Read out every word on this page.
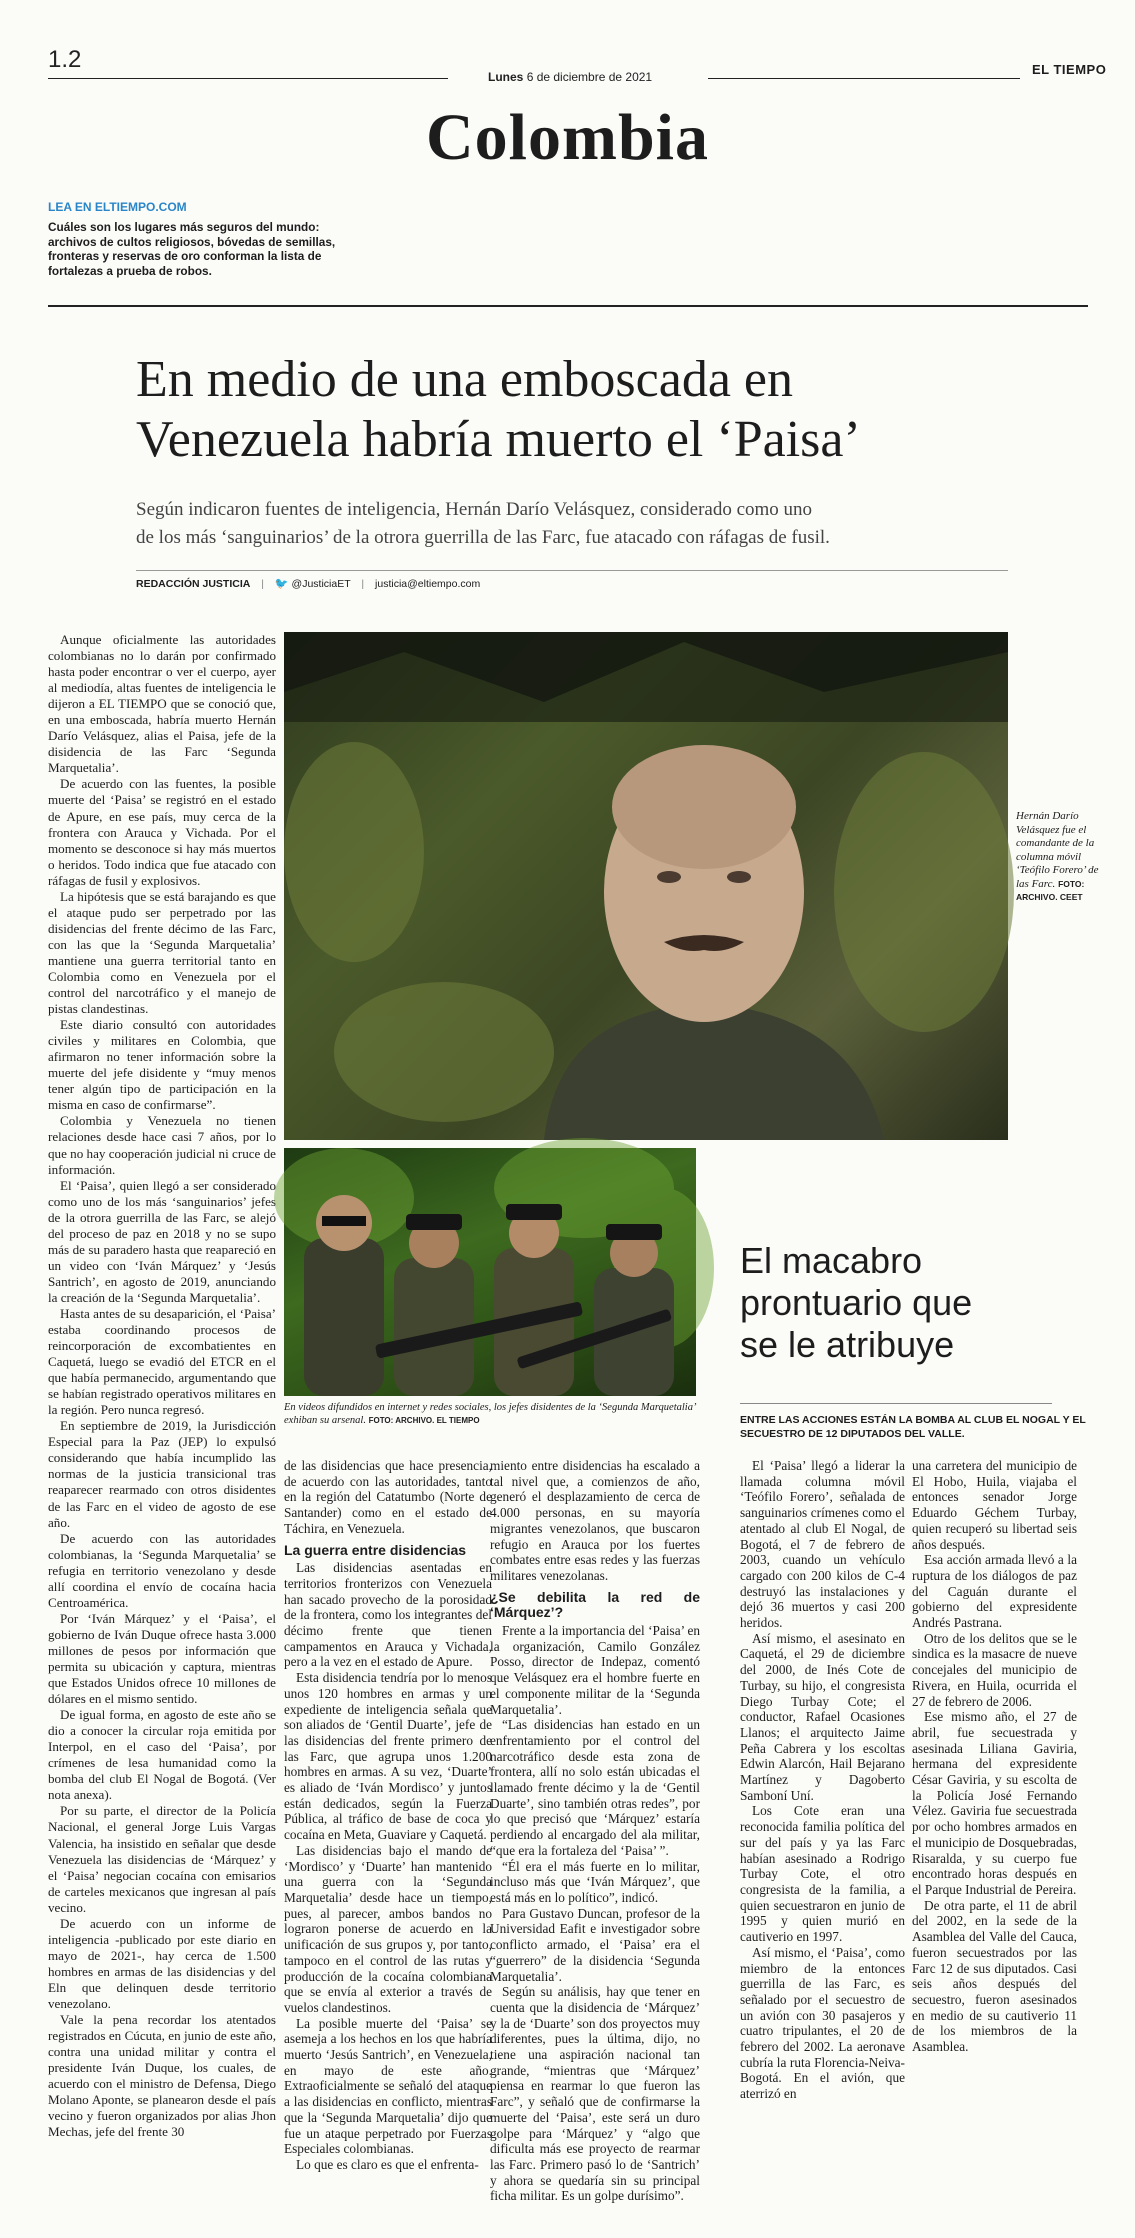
1.2
Lunes 6 de diciembre de 2021	EL TIEMPO
Colombia
LEA EN ELTIEMPO.COM
Cuáles son los lugares más seguros del mundo: archivos de cultos religiosos, bóvedas de semillas, fronteras y reservas de oro conforman la lista de fortalezas a prueba de robos.
En medio de una emboscada en
Venezuela habría muerto el ‘Paisa’
Según indicaron fuentes de inteligencia, Hernán Darío Velásquez, considerado como uno
de los más ‘sanguinarios’ de la otrora guerrilla de las Farc, fue atacado con ráfagas de fusil.
REDACCIÓN JUSTICIA | 🐦 @JusticiaET | justicia@eltiempo.com

Aunque oficialmente las autoridades colombianas no lo darán por confirmado hasta poder encontrar o ver el cuerpo, ayer al mediodía, altas fuentes de inteligencia le dijeron a EL TIEMPO que se conoció que, en una emboscada, habría muerto Hernán Darío Velásquez, alias el Paisa, jefe de la disidencia de las Farc ‘Segunda Marquetalia’.

De acuerdo con las fuentes, la posible muerte del ‘Paisa’ se registró en el estado de Apure, en ese país, muy cerca de la frontera con Arauca y Vichada. Por el momento se desconoce si hay más muertos o heridos. Todo indica que fue atacado con ráfagas de fusil y explosivos.

La hipótesis que se está barajando es que el ataque pudo ser perpetrado por las disidencias del frente décimo de las Farc, con las que la ‘Segunda Marquetalia’ mantiene una guerra territorial tanto en Colombia como en Venezuela por el control del narcotráfico y el manejo de pistas clandestinas.

Este diario consultó con autoridades civiles y militares en Colombia, que afirmaron no tener información sobre la muerte del jefe disidente y “muy menos tener algún tipo de participación en la misma en caso de confirmarse”.

Colombia y Venezuela no tienen relaciones desde hace casi 7 años, por lo que no hay cooperación judicial ni cruce de información.

El ‘Paisa’, quien llegó a ser considerado como uno de los más ‘sanguinarios’ jefes de la otrora guerrilla de las Farc, se alejó del proceso de paz en 2018 y no se supo más de su paradero hasta que reapareció en un video con ‘Iván Márquez’ y ‘Jesús Santrich’, en agosto de 2019, anunciando la creación de la ‘Segunda Marquetalia’.

Hasta antes de su desaparición, el ‘Paisa’ estaba coordinando procesos de reincorporación de excombatientes en Caquetá, luego se evadió del ETCR en el que había permanecido, argumentando que se habían registrado operativos militares en la región. Pero nunca regresó.

En septiembre de 2019, la Jurisdicción Especial para la Paz (JEP) lo expulsó considerando que había incumplido las normas de la justicia transicional tras reaparecer rearmado con otros disidentes de las Farc en el video de agosto de ese año.

De acuerdo con las autoridades colombianas, la ‘Segunda Marquetalia’ se refugia en territorio venezolano y desde allí coordina el envío de cocaína hacia Centroamérica.

Por ‘Iván Márquez’ y el ‘Paisa’, el gobierno de Iván Duque ofrece hasta 3.000 millones de pesos por información que permita su ubicación y captura, mientras que Estados Unidos ofrece 10 millones de dólares en el mismo sentido.

De igual forma, en agosto de este año se dio a conocer la circular roja emitida por Interpol, en el caso del ‘Paisa’, por crímenes de lesa humanidad como la bomba del club El Nogal de Bogotá. (Ver nota anexa).

Por su parte, el director de la Policía Nacional, el general Jorge Luis Vargas Valencia, ha insistido en señalar que desde Venezuela las disidencias de ‘Márquez’ y el ‘Paisa’ negocian cocaína con emisarios de carteles mexicanos que ingresan al país vecino.

De acuerdo con un informe de inteligencia -publicado por este diario en mayo de 2021-, hay cerca de 1.500 hombres en armas de las disidencias y del Eln que delinquen desde territorio venezolano.

Vale la pena recordar los atentados registrados en Cúcuta, en junio de este año, contra una unidad militar y contra el presidente Iván Duque, los cuales, de acuerdo con el ministro de Defensa, Diego Molano Aponte, se planearon desde el país vecino y fueron organizados por alias Jhon Mechas, jefe del frente 30

Hernán Darío Velásquez fue el comandante de la columna móvil ‘Teófilo Forero’ de las Farc. FOTO: ARCHIVO. CEET
En videos difundidos en internet y redes sociales, los jefes disidentes de la ‘Segunda Marquetalia’ exhiban su arsenal. FOTO: ARCHIVO. EL TIEMPO
El macabro
prontuario que
se le atribuye
ENTRE LAS ACCIONES ESTÁN LA BOMBA AL CLUB EL NOGAL Y EL SECUESTRO DE 12 DIPUTADOS DEL VALLE.

de las disidencias que hace presencia, de acuerdo con las autoridades, tanto en la región del Catatumbo (Norte de Santander) como en el estado de Táchira, en Venezuela.

La guerra entre disidencias

Las disidencias asentadas en territorios fronterizos con Venezuela han sacado provecho de la porosidad de la frontera, como los integrantes del décimo frente que tienen campamentos en Arauca y Vichada, pero a la vez en el estado de Apure.

Esta disidencia tendría por lo menos unos 120 hombres en armas y un expediente de inteligencia señala que son aliados de ‘Gentil Duarte’, jefe de las disidencias del frente primero de las Farc, que agrupa unos 1.200 hombres en armas. A su vez, ‘Duarte’ es aliado de ‘Iván Mordisco’ y juntos están dedicados, según la Fuerza Pública, al tráfico de base de coca y cocaína en Meta, Guaviare y Caquetá.

Las disidencias bajo el mando de ‘Mordisco’ y ‘Duarte’ han mantenido una guerra con la ‘Segunda Marquetalia’ desde hace un tiempo, pues, al parecer, ambos bandos no lograron ponerse de acuerdo en la unificación de sus grupos y, por tanto, tampoco en el control de las rutas y producción de la cocaína colombiana que se envía al exterior a través de vuelos clandestinos.

La posible muerte del ‘Paisa’ se asemeja a los hechos en los que habría muerto ‘Jesús Santrich’, en Venezuela, en mayo de este año. Extraoficialmente se señaló del ataque a las disidencias en conflicto, mientras que la ‘Segunda Marquetalia’ dijo que fue un ataque perpetrado por Fuerzas Especiales colombianas.

Lo que es claro es que el enfrenta-

miento entre disidencias ha escalado a tal nivel que, a comienzos de año, generó el desplazamiento de cerca de 4.000 personas, en su mayoría migrantes venezolanos, que buscaron refugio en Arauca por los fuertes combates entre esas redes y las fuerzas militares venezolanas.

¿Se debilita la red de ‘Márquez’?

Frente a la importancia del ‘Paisa’ en la organización, Camilo González Posso, director de Indepaz, comentó que Velásquez era el hombre fuerte en el componente militar de la ‘Segunda Marquetalia’.

“Las disidencias han estado en un enfrentamiento por el control del narcotráfico desde esta zona de frontera, allí no solo están ubicadas el llamado frente décimo y la de ‘Gentil Duarte’, sino también otras redes”, por lo que precisó que ‘Márquez’ estaría perdiendo al encargado del ala militar, “que era la fortaleza del ‘Paisa’ ”.

“Él era el más fuerte en lo militar, incluso más que ‘Iván Márquez’, que está más en lo político”, indicó.

Para Gustavo Duncan, profesor de la Universidad Eafit e investigador sobre conflicto armado, el ‘Paisa’ era el “guerrero” de la disidencia ‘Segunda Marquetalia’.

Según su análisis, hay que tener en cuenta que la disidencia de ‘Márquez’ y la de ‘Duarte’ son dos proyectos muy diferentes, pues la última, dijo, no tiene una aspiración nacional tan grande, “mientras que ‘Márquez’ piensa en rearmar lo que fueron las Farc”, y señaló que de confirmarse la muerte del ‘Paisa’, este será un duro golpe para ‘Márquez’ y “algo que dificulta más ese proyecto de rearmar las Farc. Primero pasó lo de ‘Santrich’ y ahora se quedaría sin su principal ficha militar. Es un golpe durísimo”.

El ‘Paisa’ llegó a liderar la llamada columna móvil ‘Teófilo Forero’, señalada de sanguinarios crímenes como el atentado al club El Nogal, de Bogotá, el 7 de febrero de 2003, cuando un vehículo cargado con 200 kilos de C-4 destruyó las instalaciones y dejó 36 muertos y casi 200 heridos.

Así mismo, el asesinato en Caquetá, el 29 de diciembre del 2000, de Inés Cote de Turbay, su hijo, el congresista Diego Turbay Cote; el conductor, Rafael Ocasiones Llanos; el arquitecto Jaime Peña Cabrera y los escoltas Edwin Alarcón, Hail Bejarano Martínez y Dagoberto Samboní Uní.

Los Cote eran una reconocida familia política del sur del país y ya las Farc habían asesinado a Rodrigo Turbay Cote, el otro congresista de la familia, a quien secuestraron en junio de 1995 y quien murió en cautiverio en 1997.

Así mismo, el ‘Paisa’, como miembro de la entonces guerrilla de las Farc, es señalado por el secuestro de un avión con 30 pasajeros y cuatro tripulantes, el 20 de febrero del 2002. La aeronave cubría la ruta Florencia-Neiva-Bogotá. En el avión, que aterrizó en

una carretera del municipio de El Hobo, Huila, viajaba el entonces senador Jorge Eduardo Géchem Turbay, quien recuperó su libertad seis años después.

Esa acción armada llevó a la ruptura de los diálogos de paz del Caguán durante el gobierno del expresidente Andrés Pastrana.

Otro de los delitos que se le sindica es la masacre de nueve concejales del municipio de Rivera, en Huila, ocurrida el 27 de febrero de 2006.

Ese mismo año, el 27 de abril, fue secuestrada y asesinada Liliana Gaviria, hermana del expresidente César Gaviria, y su escolta de la Policía José Fernando Vélez. Gaviria fue secuestrada por ocho hombres armados en el municipio de Dosquebradas, Risaralda, y su cuerpo fue encontrado horas después en el Parque Industrial de Pereira.

De otra parte, el 11 de abril del 2002, en la sede de la Asamblea del Valle del Cauca, fueron secuestrados por las Farc 12 de sus diputados. Casi seis años después del secuestro, fueron asesinados en medio de su cautiverio 11 de los miembros de la Asamblea.
